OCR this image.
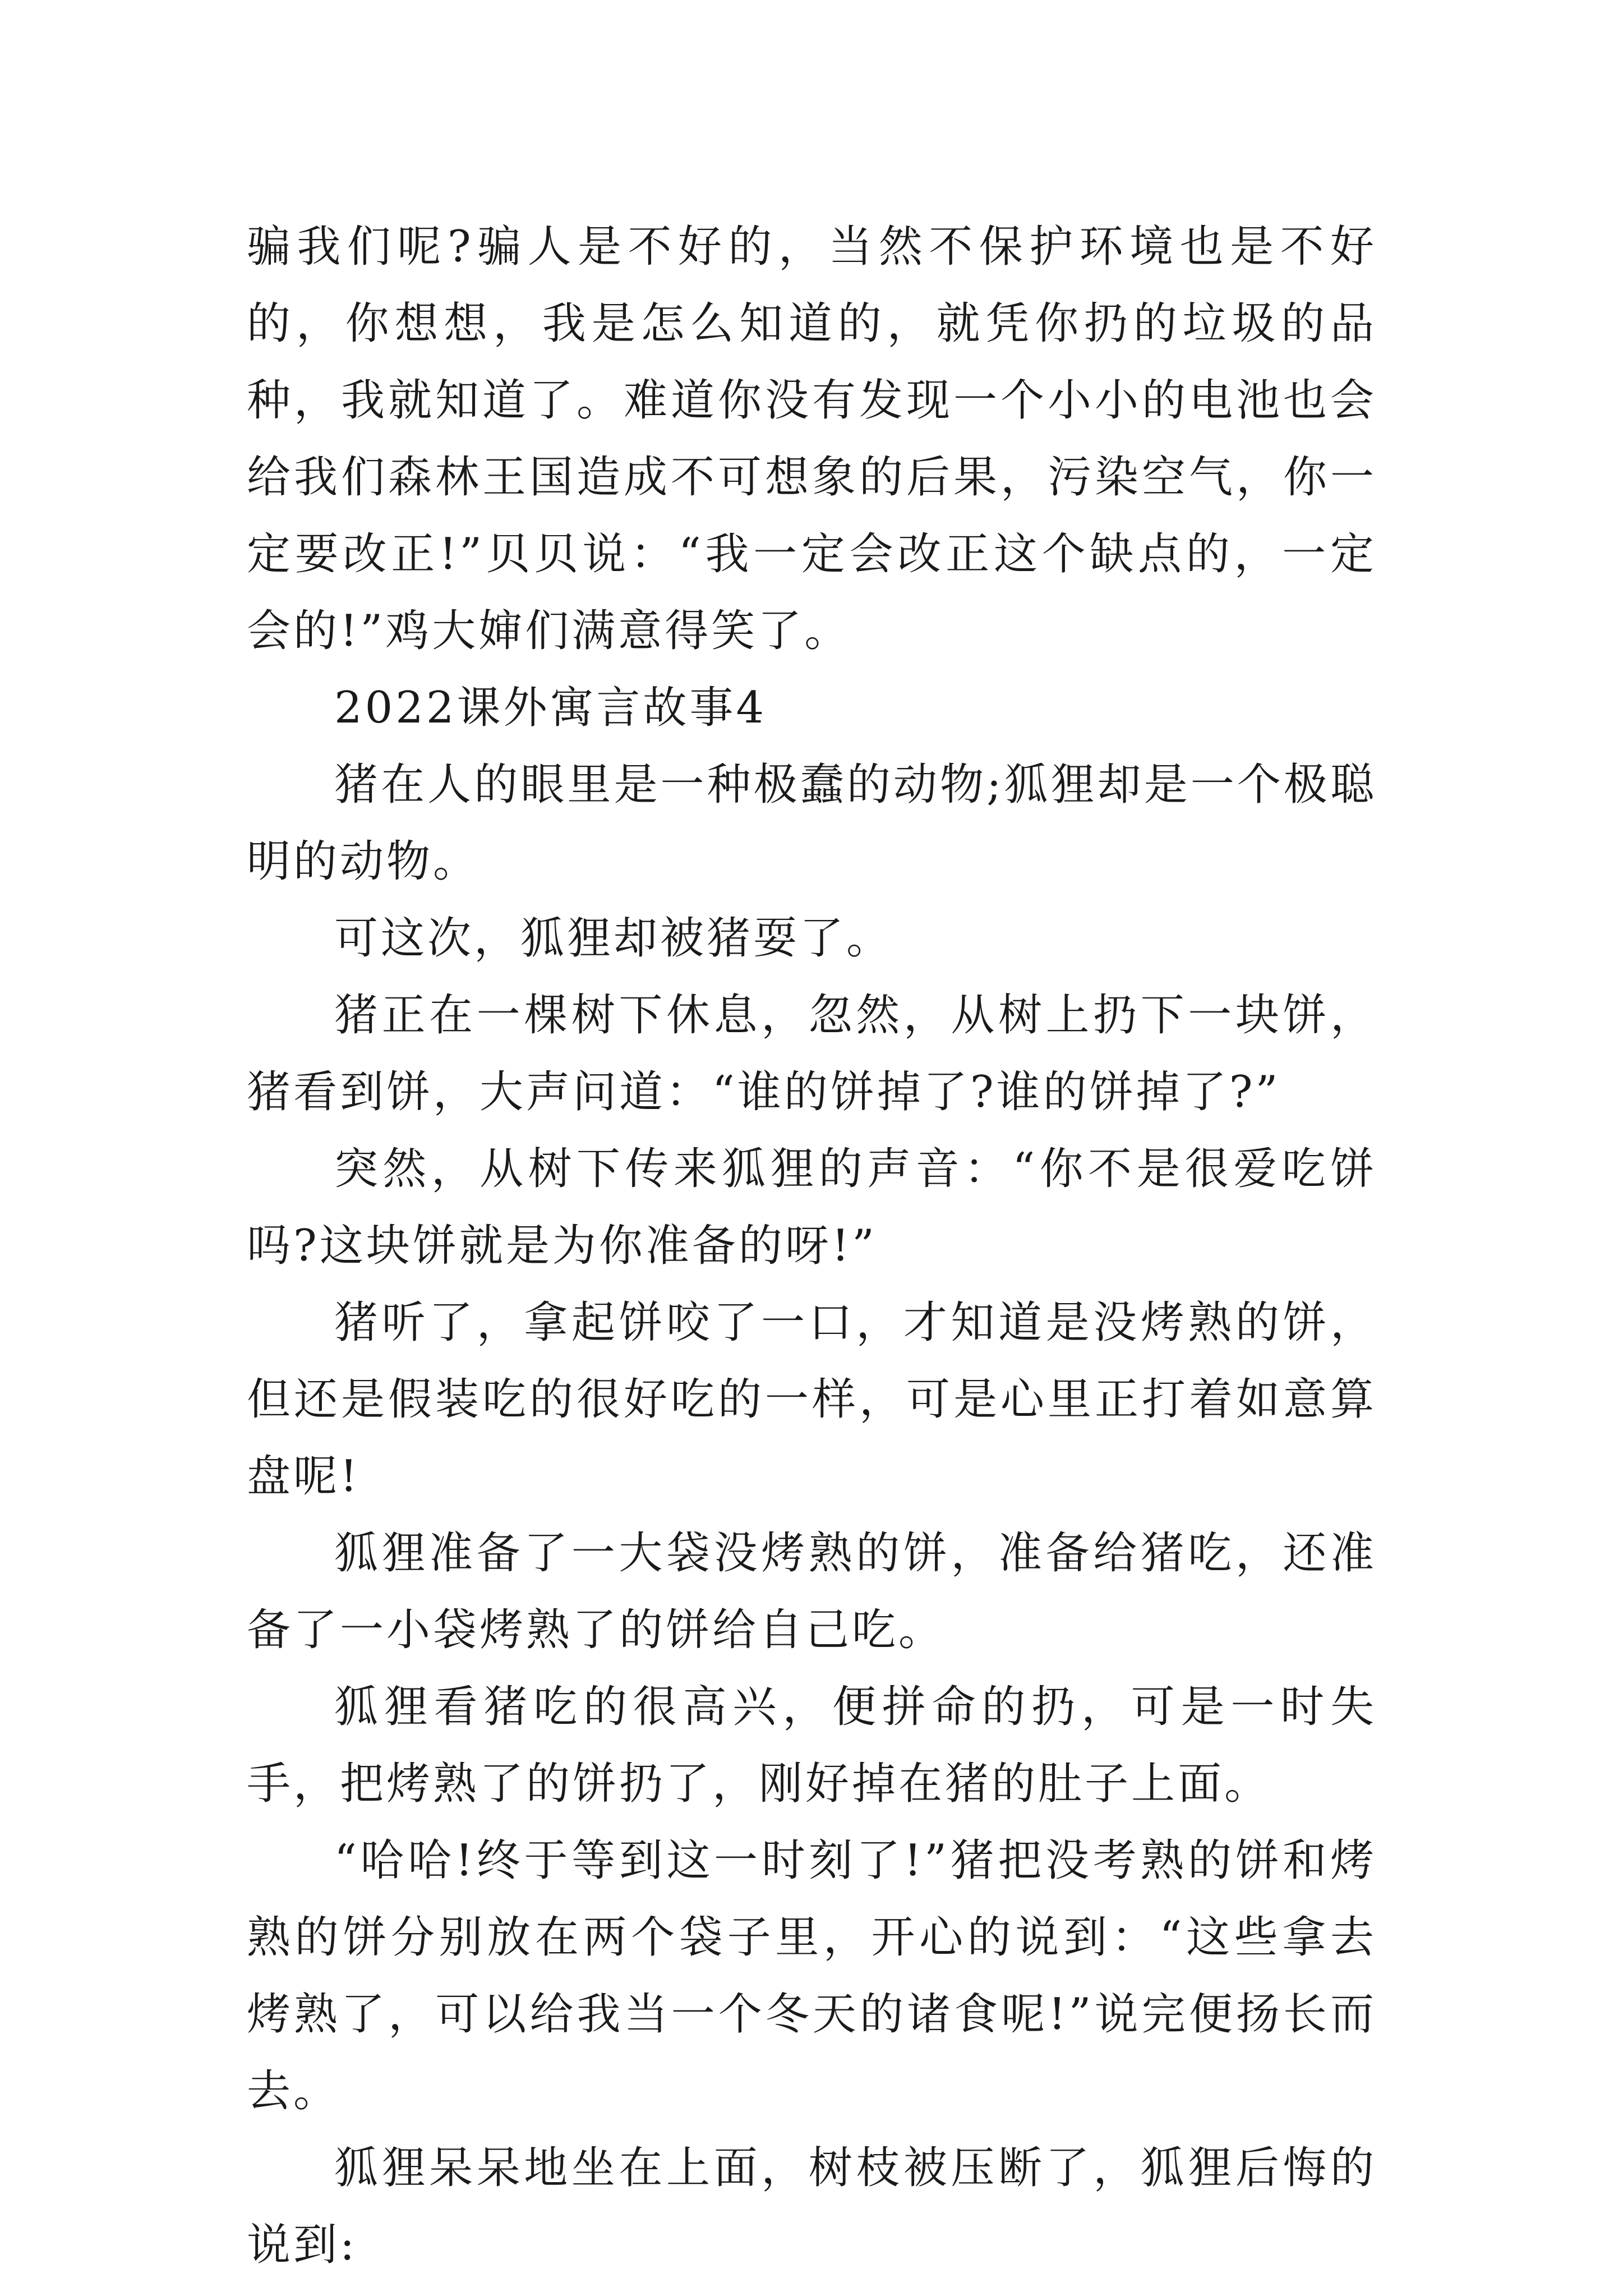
骗我们呢?骗人是不好的，当然不保护环境也是不好的，你想想，我是怎么知道的，就凭你扔的垃圾的品种，我就知道了。难道你没有发现一个小小的电池也会给我们森林王国造成不可想象的后果，污染空气，你一定要改正!”贝贝说：“我一定会改正这个缺点的，一定会的!”鸡大婶们满意得笑了。

2022课外寓言故事4

猪在人的眼里是一种极蠢的动物;狐狸却是一个极聪明的动物。

可这次，狐狸却被猪耍了。

猪正在一棵树下休息，忽然，从树上扔下一块饼，猪看到饼，大声问道：“谁的饼掉了?谁的饼掉了?”

突然，从树下传来狐狸的声音：“你不是很爱吃饼吗?这块饼就是为你准备的呀!”

猪听了，拿起饼咬了一口，才知道是没烤熟的饼，但还是假装吃的很好吃的一样，可是心里正打着如意算盘呢!

狐狸准备了一大袋没烤熟的饼，准备给猪吃，还准备了一小袋烤熟了的饼给自己吃。

狐狸看猪吃的很高兴，便拼命的扔，可是一时失手，把烤熟了的饼扔了，刚好掉在猪的肚子上面。

“哈哈!终于等到这一时刻了!”猪把没考熟的饼和烤熟的饼分别放在两个袋子里，开心的说到：“这些拿去烤熟了，可以给我当一个冬天的诸食呢!”说完便扬长而去。

狐狸呆呆地坐在上面，树枝被压断了，狐狸后悔的说到:
